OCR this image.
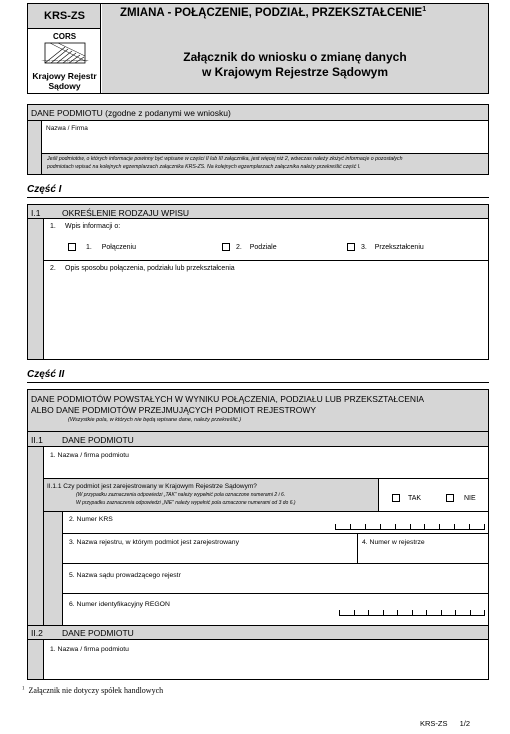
KRS-ZS
CORS
Centralny Ośrodek Informacyjny Rejestru Sądowego
Krajowy Rejestr
Sądowy
ZMIANA - POŁĄCZENIE, PODZIAŁ, PRZEKSZTAŁCENIE$^1$
Załącznik do wniosku o zmianę danych
w Krajowym Rejestrze Sądowym
DANE PODMIOTU (zgodne z podanymi we wniosku)
Nazwa / Firma
Jeśli podmiotów, o których informacje powinny być wpisane w części II lub III załącznika, jest więcej niż 2, wówczas należy złożyć informacje o pozostałych
podmiotach wpisać na kolejnych egzemplarzach załącznika KRS-ZS. Na kolejnych egzemplarzach załącznika należy przekreślić część I.
Część I
I.1	OKREŚLENIE RODZAJU WPISU
1. Wpis informacji o:
1. Połączeniu	2. Podziale	3. Przekształceniu
2. Opis sposobu połączenia, podziału lub przekształcenia
Część II
DANE PODMIOTÓW POWSTAŁYCH W WYNIKU POŁĄCZENIA, PODZIAŁU LUB PRZEKSZTAŁCENIA
ALBO DANE PODMIOTÓW PRZEJMUJĄCYCH PODMIOT REJESTROWY
(Wszystkie pola, w których nie będą wpisane dane, należy przekreślić.)
II.1 DANE PODMIOTU
1. Nazwa / firma podmiotu
II.1.1 Czy podmiot jest zarejestrowany w Krajowym Rejestrze Sądowym?
(W przypadku zaznaczenia odpowiedzi „TAK” należy wypełnić pola oznaczone numerami 2 i 6.
W przypadku zaznaczenia odpowiedzi „NIE” należy wypełnić pola oznaczone numerami od 3 do 6.)
TAK	NIE
2. Numer KRS
3. Nazwa rejestru, w którym podmiot jest zarejestrowany	4. Numer w rejestrze
5. Nazwa sądu prowadzącego rejestr
6. Numer identyfikacyjny REGON
II.2 DANE PODMIOTU
1. Nazwa / firma podmiotu
$^1$ Załącznik nie dotyczy spółek handlowych
KRS-ZS 1/2
